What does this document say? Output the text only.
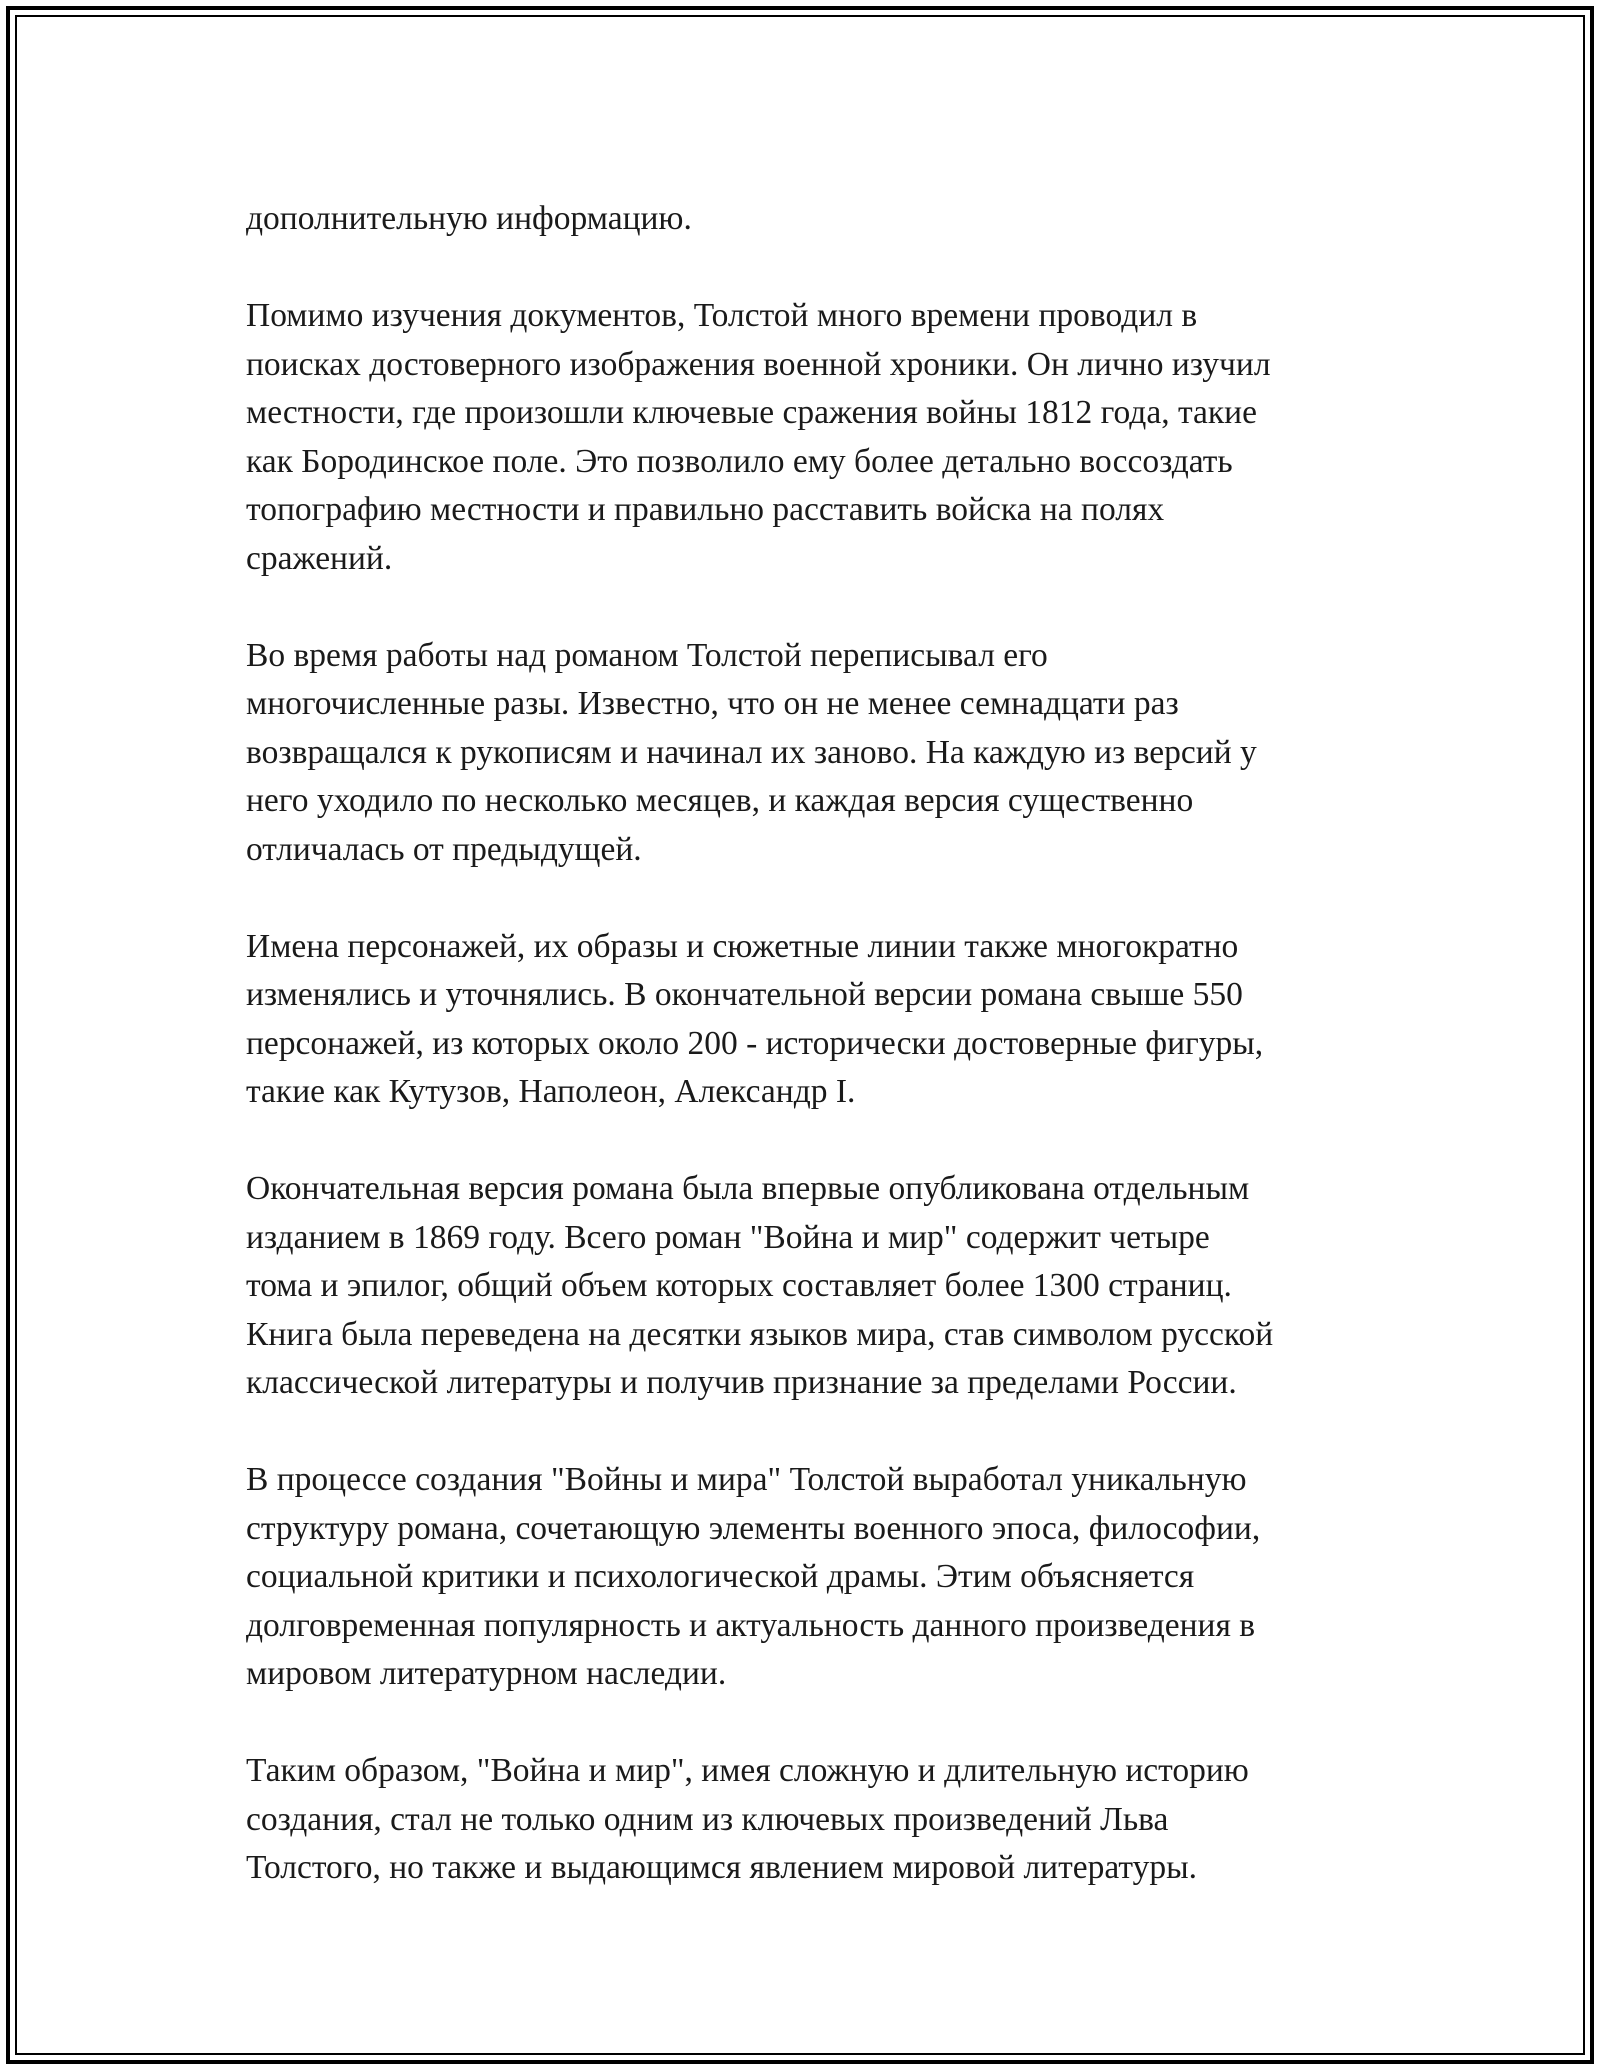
дополнительную информацию.

Помимо изучения документов, Толстой много времени проводил в
поисках достоверного изображения военной хроники. Он лично изучил
местности, где произошли ключевые сражения войны 1812 года, такие
как Бородинское поле. Это позволило ему более детально воссоздать
топографию местности и правильно расставить войска на полях
сражений.

Во время работы над романом Толстой переписывал его
многочисленные разы. Известно, что он не менее семнадцати раз
возвращался к рукописям и начинал их заново. На каждую из версий у
него уходило по несколько месяцев, и каждая версия существенно
отличалась от предыдущей.

Имена персонажей, их образы и сюжетные линии также многократно
изменялись и уточнялись. В окончательной версии романа свыше 550
персонажей, из которых около 200 - исторически достоверные фигуры,
такие как Кутузов, Наполеон, Александр I.

Окончательная версия романа была впервые опубликована отдельным
изданием в 1869 году. Всего роман "Война и мир" содержит четыре
тома и эпилог, общий объем которых составляет более 1300 страниц.
Книга была переведена на десятки языков мира, став символом русской
классической литературы и получив признание за пределами России.

В процессе создания "Войны и мира" Толстой выработал уникальную
структуру романа, сочетающую элементы военного эпоса, философии,
социальной критики и психологической драмы. Этим объясняется
долговременная популярность и актуальность данного произведения в
мировом литературном наследии.

Таким образом, "Война и мир", имея сложную и длительную историю
создания, стал не только одним из ключевых произведений Льва
Толстого, но также и выдающимся явлением мировой литературы.
